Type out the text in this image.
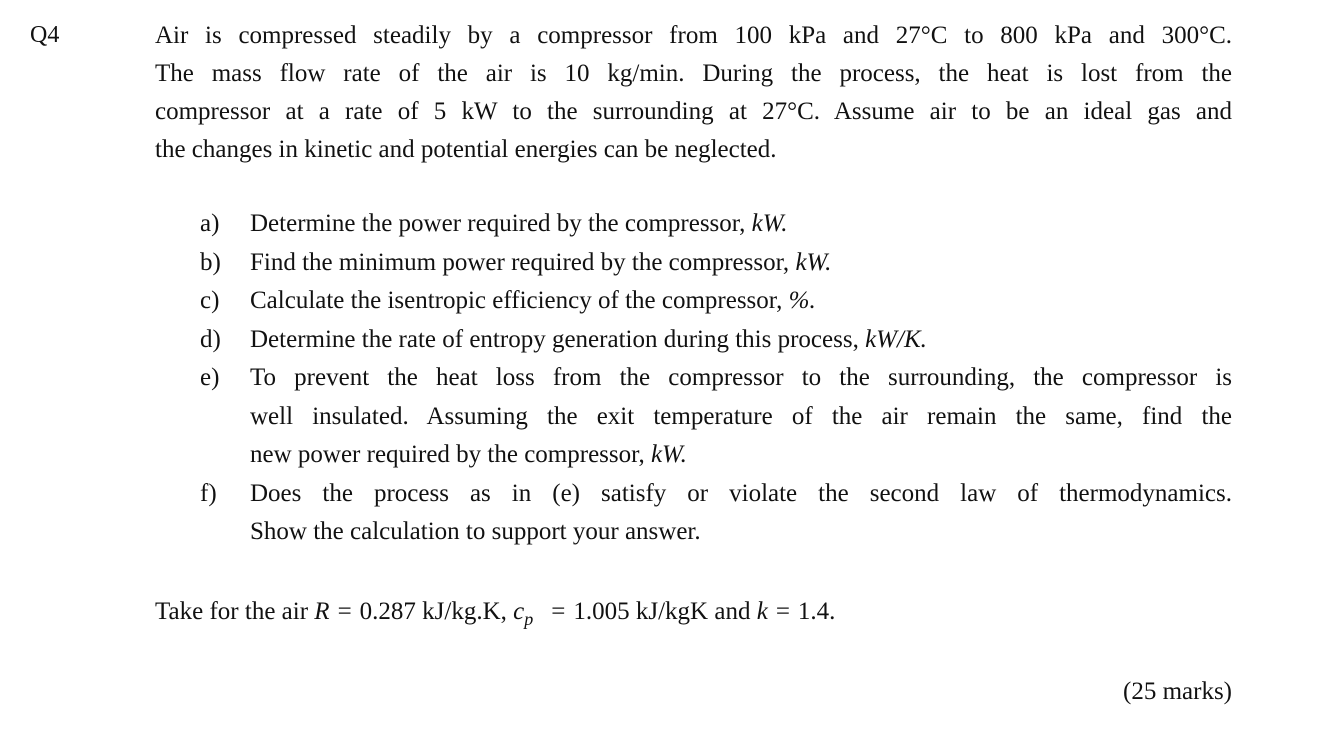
Q4	Air is compressed steadily by a compressor from 100 kPa and 27°C to 800 kPa and 300°C.
The mass flow rate of the air is 10 kg/min. During the process, the heat is lost from the
compressor at a rate of 5 kW to the surrounding at 27°C. Assume air to be an ideal gas and
the changes in kinetic and potential energies can be neglected.
a)	Determine the power required by the compressor, kW.
b)	Find the minimum power required by the compressor, kW.
c)	Calculate the isentropic efficiency of the compressor, %.
d)	Determine the rate of entropy generation during this process, kW/K.
e)	To prevent the heat loss from the compressor to the surrounding, the compressor is
well insulated. Assuming the exit temperature of the air remain the same, find the
new power required by the compressor, kW.
f)	Does the process as in (e) satisfy or violate the second law of thermodynamics.
Show the calculation to support your answer.
Take for the air R = 0.287 kJ/kg.K, $c_p = 1.005$ kJ/kgK and k = 1.4.
(25 marks)
